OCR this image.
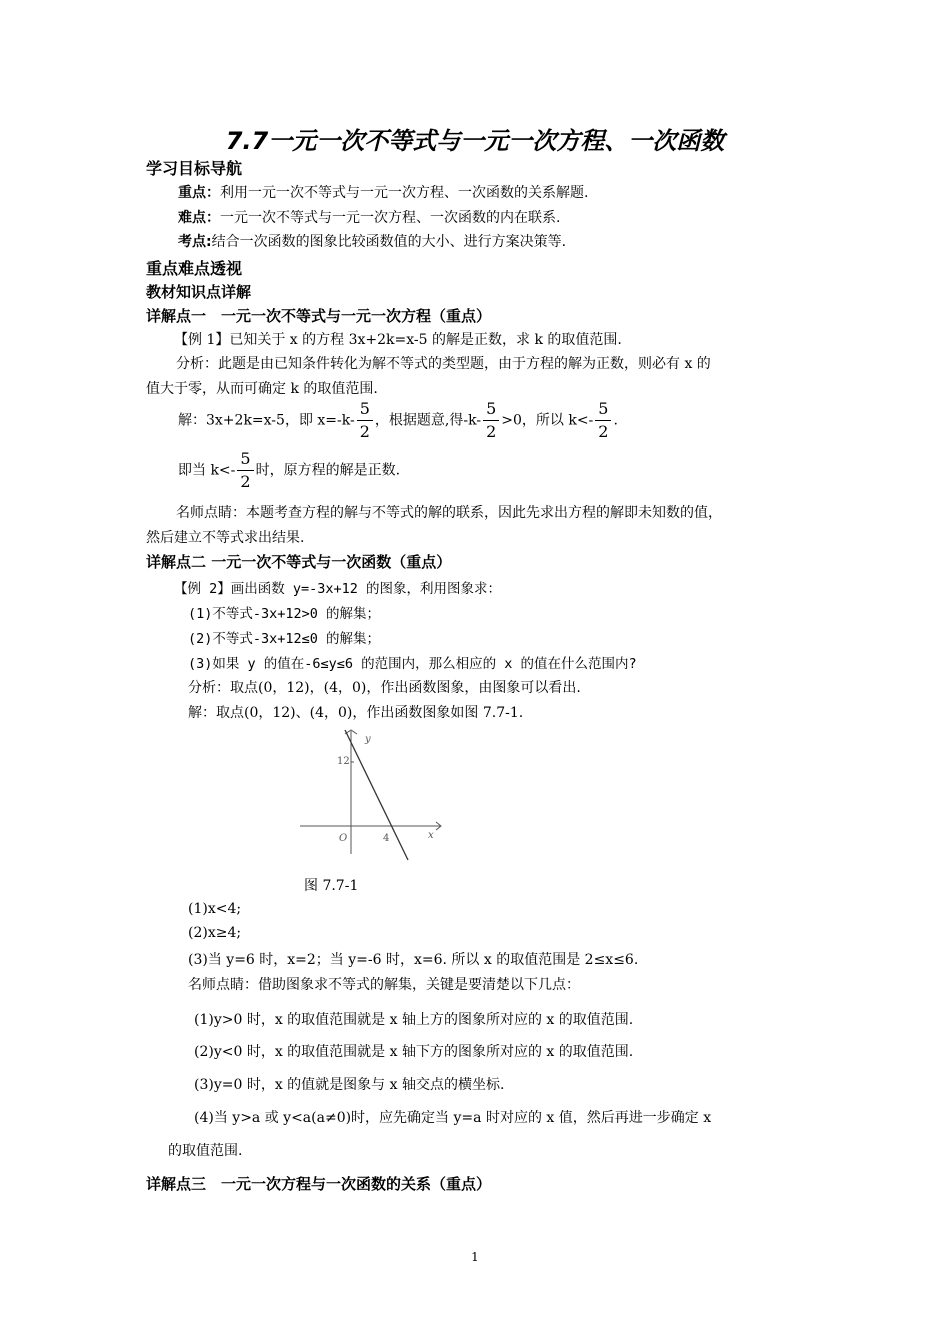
7.7一元一次不等式与一元一次方程、一次函数
学习目标导航
重点：利用一元一次不等式与一元一次方程、一次函数的关系解题.
难点：一元一次不等式与一元一次方程、一次函数的内在联系.
考点:结合一次函数的图象比较函数值的大小、进行方案决策等.
重点难点透视
教材知识点详解
详解点一　一元一次不等式与一元一次方程（重点）
【例 1】已知关于 x 的方程 3x+2k=x-5 的解是正数，求 k 的取值范围.
分析：此题是由已知条件转化为解不等式的类型题，由于方程的解为正数，则必有 x 的
值大于零，从而可确定 k 的取值范围.
解：3x+2k=x-5，即 $x=-k- \frac{5}{2}$ ，根据题意,得$-k- \frac{5}{2} >0$，所以 $k<- \frac{5}{2}$ .
即当 $k<- \frac{5}{2}$ 时，原方程的解是正数.
名师点睛：本题考查方程的解与不等式的解的联系，因此先求出方程的解即未知数的值，
然后建立不等式求出结果.
详解点二 一元一次不等式与一次函数（重点）
【例 2】画出函数 y=-3x+12 的图象，利用图象求：
(1)不等式-3x+12>0 的解集；
(2)不等式-3x+12≤0 的解集；
(3)如果 y 的值在-6≤y≤6 的范围内，那么相应的 x 的值在什么范围内?
分析：取点(0，12)，(4，0)，作出函数图象，由图象可以看出.
解：取点(0，12)、(4，0)，作出函数图象如图 7.7-1.
y
x
O
12
4
图 7.7-1
(1)x<4;
(2)x≥4;
(3)当 y=6 时，x=2；当 y=-6 时，x=6. 所以 x 的取值范围是 2≤x≤6.
名师点睛：借助图象求不等式的解集，关键是要清楚以下几点：
(1)y>0 时，x 的取值范围就是 x 轴上方的图象所对应的 x 的取值范围.
(2)y<0 时，x 的取值范围就是 x 轴下方的图象所对应的 x 的取值范围.
(3)y=0 时，x 的值就是图象与 x 轴交点的横坐标.
(4)当 y>a 或 y<a(a≠0)时，应先确定当 y=a 时对应的 x 值，然后再进一步确定 x
的取值范围.
详解点三　一元一次方程与一次函数的关系（重点）
1
